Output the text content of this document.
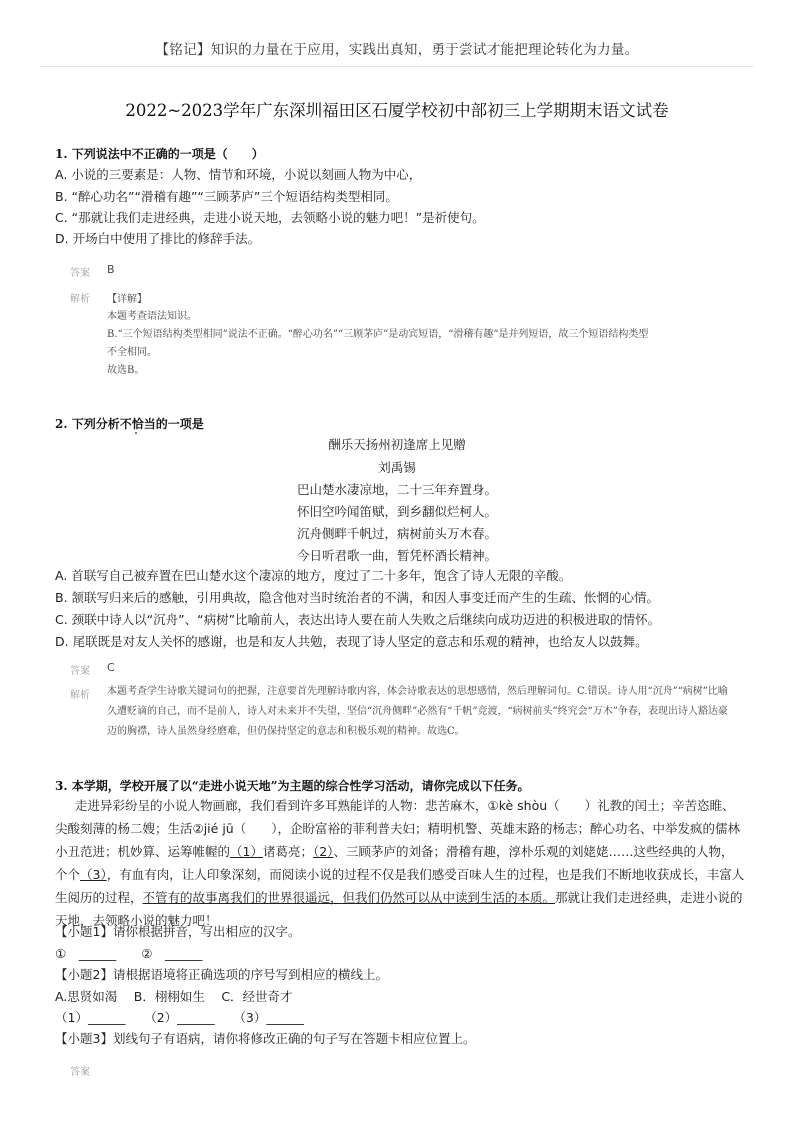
【铭记】知识的力量在于应用，实践出真知，勇于尝试才能把理论转化为力量。
2022~2023学年广东深圳福田区石厦学校初中部初三上学期期末语文试卷
1. 下列说法中不正确的一项是（　　）
A. 小说的三要素是：人物、情节和环境，小说以刻画人物为中心，
B. “醉心功名”“滑稽有趣”“三顾茅庐”三个短语结构类型相同。
C. “那就让我们走进经典，走进小说天地，去领略小说的魅力吧！”是祈使句。
D. 开场白中使用了排比的修辞手法。
答案 B
解析 【详解】
本题考查语法知识。
B.“三个短语结构类型相同”说法不正确。“醉心功名”“三顾茅庐”是动宾短语，“滑稽有趣”是并列短语，故三个短语结构类型
不全相同。
故选B。
2. 下列分析不恰当的一项是
酬乐天扬州初逢席上见赠
刘禹锡
巴山楚水凄凉地，二十三年弃置身。
怀旧空吟闻笛赋，到乡翻似烂柯人。
沉舟侧畔千帆过，病树前头万木春。
今日听君歌一曲，暂凭杯酒长精神。
A. 首联写自己被弃置在巴山楚水这个凄凉的地方，度过了二十多年，饱含了诗人无限的辛酸。
B. 颔联写归来后的感触，引用典故，隐含他对当时统治者的不满，和因人事变迁而产生的生疏、怅惘的心情。
C. 颈联中诗人以“沉舟”、“病树”比喻前人，表达出诗人要在前人失败之后继续向成功迈进的积极进取的情怀。
D. 尾联既是对友人关怀的感谢，也是和友人共勉，表现了诗人坚定的意志和乐观的精神，也给友人以鼓舞。
答案 C
解析 本题考查学生诗歌关键词句的把握，注意要首先理解诗歌内容，体会诗歌表达的思想感情，然后理解词句。C.错误。诗人用“沉舟”“病树”比喻久遭贬谪的自己，而不是前人，诗人对未来并不失望，坚信“沉舟侧畔”必然有“千帆”竞渡，“病树前头”终究会“万木”争春，表现出诗人豁达豪迈的胸襟，诗人虽然身经磨难，但仍保持坚定的意志和积极乐观的精神。故选C。
3. 本学期，学校开展了以“走进小说天地”为主题的综合性学习活动，请你完成以下任务。
走进异彩纷呈的小说人物画廊，我们看到许多耳熟能详的人物：悲苦麻木，①kè shòu（　　）礼教的闰土；辛苦恣睢、尖酸刻薄的杨二嫂；生活②jié jū（　　），企盼富裕的菲利普夫妇；精明机警、英雄末路的杨志；醉心功名、中举发疯的儒林小丑范进；机妙算、运筹帷幄的（1）诸葛亮；（2）、三顾茅庐的刘备；滑稽有趣，淳朴乐观的刘姥姥……这些经典的人物，个个（3），有血有肉，让人印象深刻，而阅读小说的过程不仅是我们感受百味人生的过程，也是我们不断地收获成长，丰富人生阅历的过程，不管有的故事离我们的世界很遥远，但我们仍然可以从中读到生活的本质。那就让我们走进经典，走进小说的天地，去领略小说的魅力吧！
【小题1】请你根据拼音，写出相应的汉字。
①　______　　②　______
【小题2】请根据语境将正确选项的序号写到相应的横线上。
A.思贤如渴　 B．栩栩如生　 C．经世奇才
（1）______　　（2）______　　（3）______
【小题3】划线句子有语病，请你将修改正确的句子写在答题卡相应位置上。
答案
